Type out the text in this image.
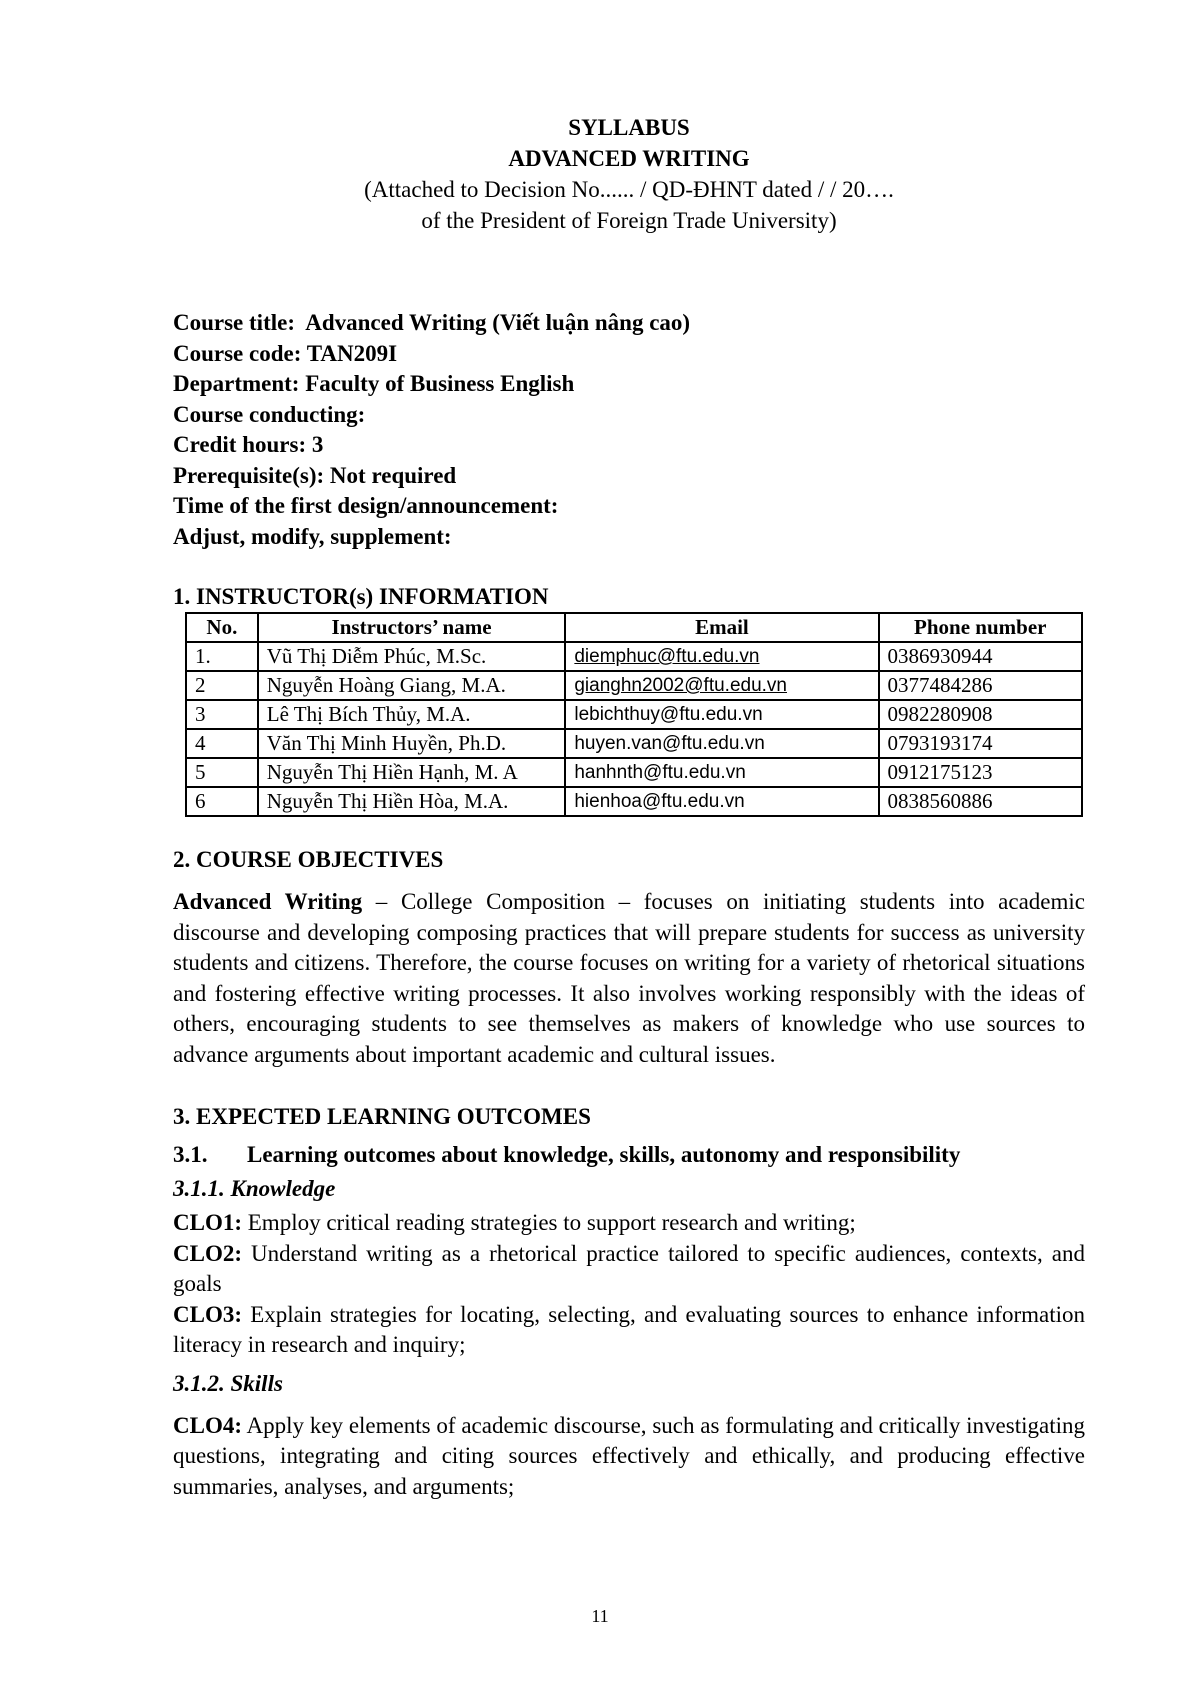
SYLLABUS
ADVANCED WRITING
(Attached to Decision No...... / QD-ĐHNT dated / / 20….
of the President of Foreign Trade University)
Course title: Advanced Writing (Viết luận nâng cao)
Course code: TAN209I
Department: Faculty of Business English
Course conducting:
Credit hours: 3
Prerequisite(s): Not required
Time of the first design/announcement:
Adjust, modify, supplement:
1. INSTRUCTOR(s) INFORMATION
No.	Instructors’ name	Email	Phone number
1.	Vũ Thị Diễm Phúc, M.Sc.	diemphuc@ftu.edu.vn	0386930944
2	Nguyễn Hoàng Giang, M.A.	gianghn2002@ftu.edu.vn	0377484286
3	Lê Thị Bích Thủy, M.A.	lebichthuy@ftu.edu.vn	0982280908
4	Văn Thị Minh Huyền, Ph.D.	huyen.van@ftu.edu.vn	0793193174
5	Nguyễn Thị Hiền Hạnh, M. A	hanhnth@ftu.edu.vn	0912175123
6	Nguyễn Thị Hiền Hòa, M.A.	hienhoa@ftu.edu.vn	0838560886
2. COURSE OBJECTIVES

Advanced Writing – College Composition – focuses on initiating students into academic discourse and developing composing practices that will prepare students for success as university students and citizens. Therefore, the course focuses on writing for a variety of rhetorical situations and fostering effective writing processes. It also involves working responsibly with the ideas of others, encouraging students to see themselves as makers of knowledge who use sources to advance arguments about important academic and cultural issues.

3. EXPECTED LEARNING OUTCOMES
3.1. Learning outcomes about knowledge, skills, autonomy and responsibility
3.1.1. Knowledge

CLO1: Employ critical reading strategies to support research and writing;

CLO2: Understand writing as a rhetorical practice tailored to specific audiences, contexts, and goals

CLO3: Explain strategies for locating, selecting, and evaluating sources to enhance information literacy in research and inquiry;

3.1.2. Skills

CLO4: Apply key elements of academic discourse, such as formulating and critically investigating questions, integrating and citing sources effectively and ethically, and producing effective summaries, analyses, and arguments;

11
